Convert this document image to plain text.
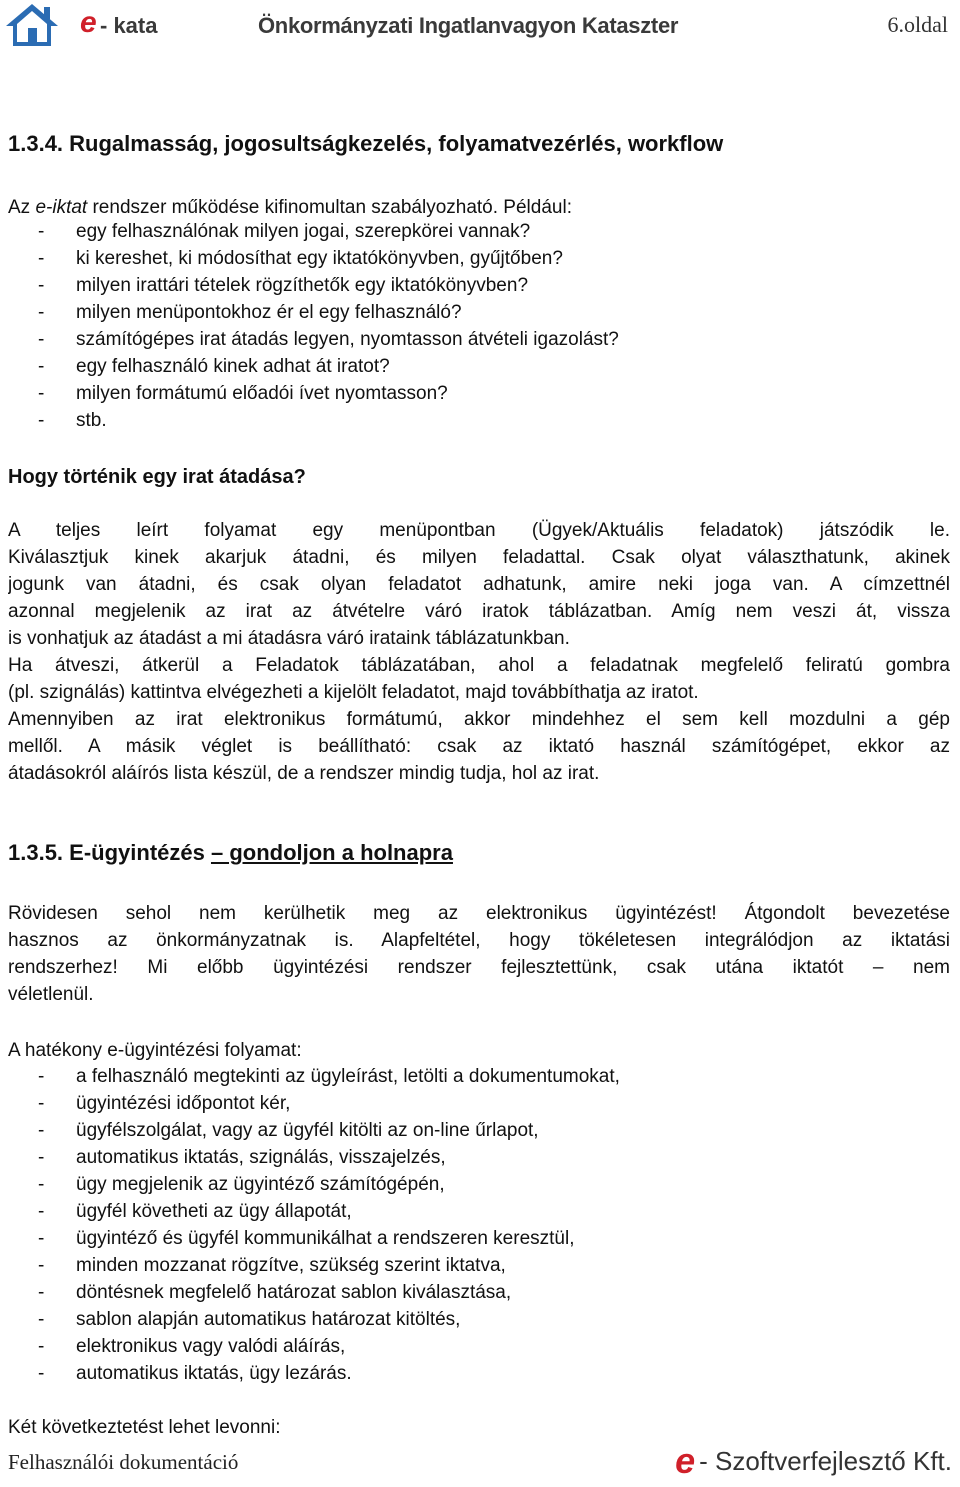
e - kata	Önkormányzati Ingatlanvagyon Kataszter	6.oldal
1.3.4. Rugalmasság, jogosultságkezelés, folyamatvezérlés, workflow
Az e-iktat rendszer működése kifinomultan szabályozható. Például:
- egy felhasználónak milyen jogai, szerepkörei vannak?
- ki kereshet, ki módosíthat egy iktatókönyvben, gyűjtőben?
- milyen irattári tételek rögzíthetők egy iktatókönyvben?
- milyen menüpontokhoz ér el egy felhasználó?
- számítógépes irat átadás legyen, nyomtasson átvételi igazolást?
- egy felhasználó kinek adhat át iratot?
- milyen formátumú előadói ívet nyomtasson?
- stb.
Hogy történik egy irat átadása?
A teljes leírt folyamat egy menüpontban (Ügyek/Aktuális feladatok) játszódik le.
Kiválasztjuk kinek akarjuk átadni, és milyen feladattal. Csak olyat választhatunk, akinek
jogunk van átadni, és csak olyan feladatot adhatunk, amire neki joga van. A címzettnél
azonnal megjelenik az irat az átvételre váró iratok táblázatban. Amíg nem veszi át, vissza
is vonhatjuk az átadást a mi átadásra váró irataink táblázatunkban.
Ha átveszi, átkerül a Feladatok táblázatában, ahol a feladatnak megfelelő feliratú gombra
(pl. szignálás) kattintva elvégezheti a kijelölt feladatot, majd továbbíthatja az iratot.
Amennyiben az irat elektronikus formátumú, akkor mindehhez el sem kell mozdulni a gép
mellől. A másik véglet is beállítható: csak az iktató használ számítógépet, ekkor az
átadásokról aláírós lista készül, de a rendszer mindig tudja, hol az irat.
1.3.5. E-ügyintézés – gondoljon a holnapra
Rövidesen sehol nem kerülhetik meg az elektronikus ügyintézést! Átgondolt bevezetése
hasznos az önkormányzatnak is. Alapfeltétel, hogy tökéletesen integrálódjon az iktatási
rendszerhez! Mi előbb ügyintézési rendszer fejlesztettünk, csak utána iktatót – nem
véletlenül.
A hatékony e-ügyintézési folyamat:
- a felhasználó megtekinti az ügyleírást, letölti a dokumentumokat,
- ügyintézési időpontot kér,
- ügyfélszolgálat, vagy az ügyfél kitölti az on-line űrlapot,
- automatikus iktatás, szignálás, visszajelzés,
- ügy megjelenik az ügyintéző számítógépén,
- ügyfél követheti az ügy állapotát,
- ügyintéző és ügyfél kommunikálhat a rendszeren keresztül,
- minden mozzanat rögzítve, szükség szerint iktatva,
- döntésnek megfelelő határozat sablon kiválasztása,
- sablon alapján automatikus határozat kitöltés,
- elektronikus vagy valódi aláírás,
- automatikus iktatás, ügy lezárás.
Két következtetést lehet levonni:
Felhasználói dokumentáció	e - Szoftverfejlesztő Kft.
